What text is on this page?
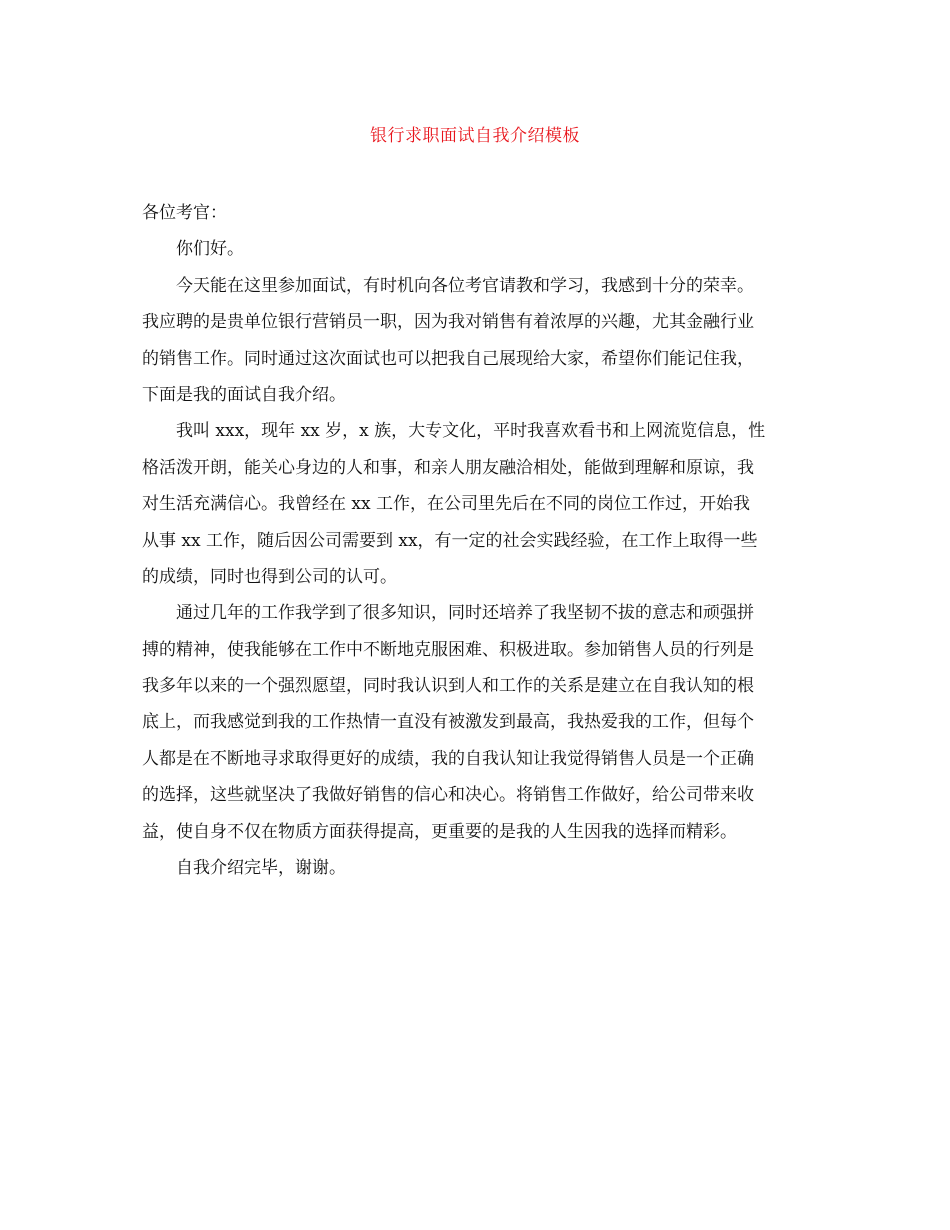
银行求职面试自我介绍模板
各位考官：
你们好。
今天能在这里参加面试，有时机向各位考官请教和学习，我感到十分的荣幸。
我应聘的是贵单位银行营销员一职，因为我对销售有着浓厚的兴趣，尤其金融行业
的销售工作。同时通过这次面试也可以把我自己展现给大家，希望你们能记住我，
下面是我的面试自我介绍。
我叫 xxx，现年 xx 岁，x 族，大专文化，平时我喜欢看书和上网流览信息，性
格活泼开朗，能关心身边的人和事，和亲人朋友融洽相处，能做到理解和原谅，我
对生活充满信心。我曾经在 xx 工作，在公司里先后在不同的岗位工作过，开始我
从事 xx 工作，随后因公司需要到 xx，有一定的社会实践经验，在工作上取得一些
的成绩，同时也得到公司的认可。
通过几年的工作我学到了很多知识，同时还培养了我坚韧不拔的意志和顽强拼
搏的精神，使我能够在工作中不断地克服困难、积极进取。参加销售人员的行列是
我多年以来的一个强烈愿望，同时我认识到人和工作的关系是建立在自我认知的根
底上，而我感觉到我的工作热情一直没有被激发到最高，我热爱我的工作，但每个
人都是在不断地寻求取得更好的成绩，我的自我认知让我觉得销售人员是一个正确
的选择，这些就坚决了我做好销售的信心和决心。将销售工作做好，给公司带来收
益，使自身不仅在物质方面获得提高，更重要的是我的人生因我的选择而精彩。
自我介绍完毕，谢谢。
